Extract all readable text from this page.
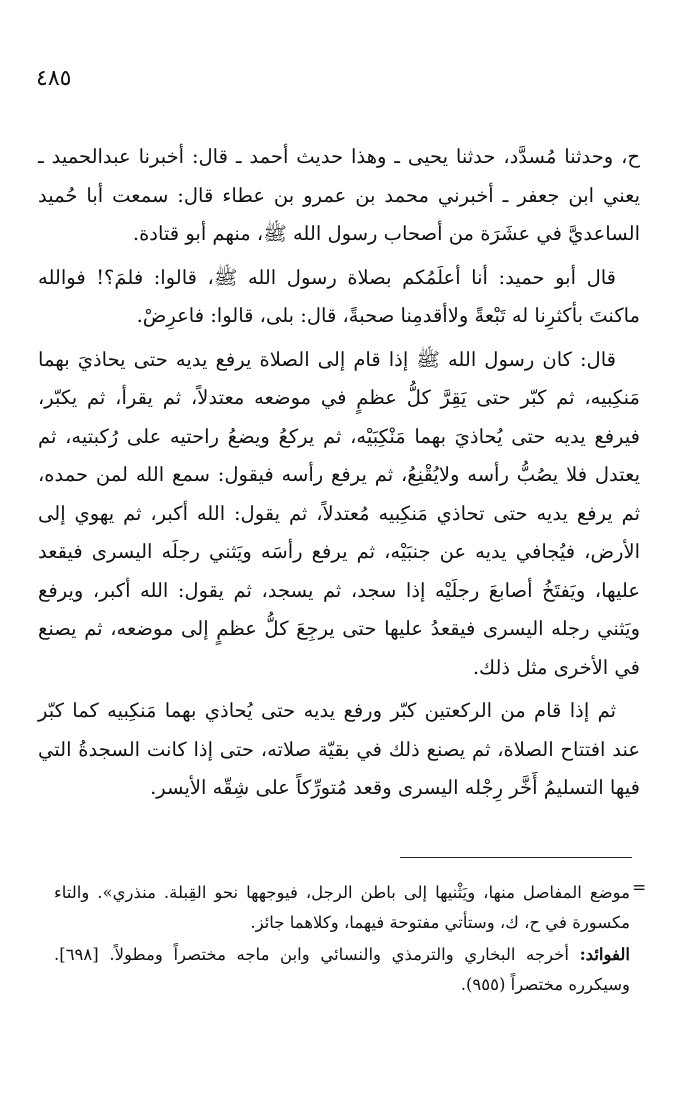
٤٨٥

ح، وحدثنا مُسدَّد، حدثنا يحيى ـ وهذا حديث أحمد ـ قال: أخبرنا عبدالحميد ـ يعني ابن جعفر ـ أخبرني محمد بن عمرو بن عطاء قال: سمعت أبا حُميد الساعديَّ في عشَرَة من أصحاب رسول الله ﷺ، منهم أبو قتادة.

قال أبو حميد: أنا أعلَمُكم بصلاة رسول الله ﷺ، قالوا: فلمَ؟! فوالله ماكنتَ بأكثرِنا له تَبْعةً ولاأقدمِنا صحبةً، قال: بلى، قالوا: فاعرِضْ.

قال: كان رسول الله ﷺ إذا قام إلى الصلاة يرفع يديه حتى يحاذيَ بهما مَنكِبيه، ثم كبّر حتى يَقِرَّ كلُّ عظمٍ في موضعه معتدلاً، ثم يقرأ، ثم يكبّر، فيرفع يديه حتى يُحاذيَ بهما مَنْكِبَيْه، ثم يركعُ ويضعُ راحتيه على رُكبتيه، ثم يعتدل فلا يصُبُّ رأسه ولايُقْنِعُ، ثم يرفع رأسه فيقول: سمع الله لمن حمده، ثم يرفع يديه حتى تحاذي مَنكِبيه مُعتدلاً، ثم يقول: الله أكبر، ثم يهوي إلى الأرض، فيُجافي يديه عن جنبَيْه، ثم يرفع رأسَه ويَثني رجلَه اليسرى فيقعد عليها، ويَفتَخُ أصابعَ رجلَيْه إذا سجد، ثم يسجد، ثم يقول: الله أكبر، ويرفع ويَثني رجله اليسرى فيقعدُ عليها حتى يرجِعَ كلُّ عظمٍ إلى موضعه، ثم يصنع في الأخرى مثل ذلك.

ثم إذا قام من الركعتين كبّر ورفع يديه حتى يُحاذي بهما مَنكِبيه كما كبّر عند افتتاح الصلاة، ثم يصنع ذلك في بقيّة صلاته، حتى إذا كانت السجدةُ التي فيها التسليمُ أَخَّر رِجْله اليسرى وقعد مُتورِّكاً على شِقّه الأيسر.

=

موضع المفاصل منها، ويَثْنيها إلى باطن الرجل، فيوجهها نحو القِبلة. منذري». والتاء مكسورة في ح، ك، وستأتي مفتوحة فيهما، وكلاهما جائز.

الفوائد: أخرجه البخاري والترمذي والنسائي وابن ماجه مختصراً ومطولاً. [٦٩٨]. وسيكرره مختصراً (٩٥٥).
